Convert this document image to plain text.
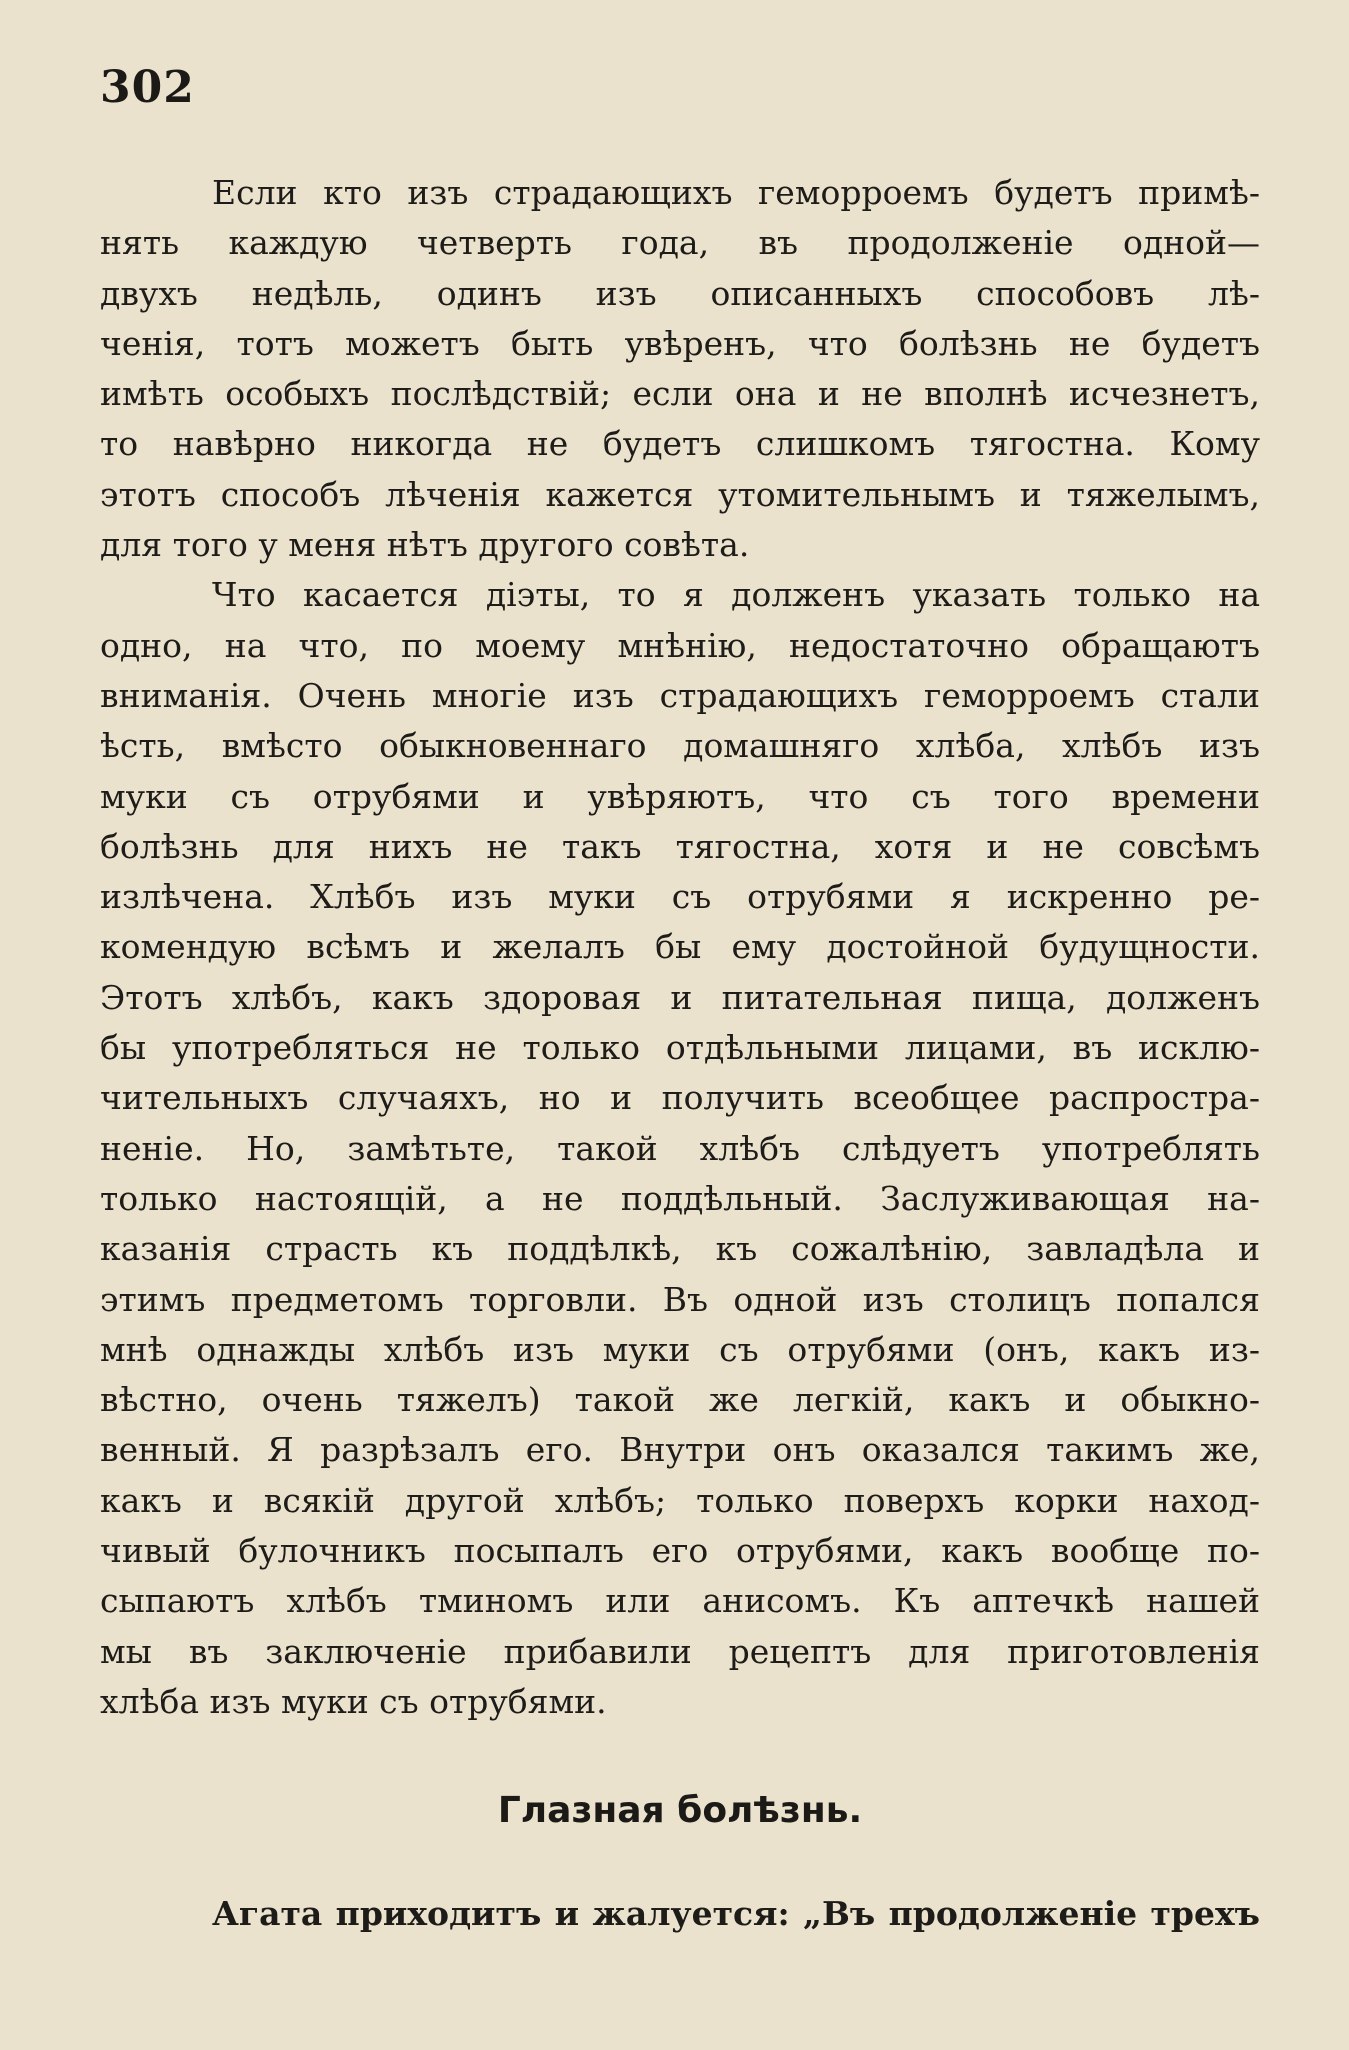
302
Если кто изъ страдающихъ геморроемъ будетъ примѣ-
нять каждую четверть года, въ продолженіе одной—
двухъ недѣль, одинъ изъ описанныхъ способовъ лѣ-
ченія, тотъ можетъ быть увѣренъ, что болѣзнь не будетъ
имѣть особыхъ послѣдствій; если она и не вполнѣ исчезнетъ,
то навѣрно никогда не будетъ слишкомъ тягостна. Кому
этотъ способъ лѣченія кажется утомительнымъ и тяжелымъ,
для того у меня нѣтъ другого совѣта.
Что касается діэты, то я долженъ указать только на
одно, на что, по моему мнѣнію, недостаточно обращаютъ
вниманія. Очень многіе изъ страдающихъ геморроемъ стали
ѣсть, вмѣсто обыкновеннаго домашняго хлѣба, хлѣбъ изъ
муки съ отрубями и увѣряютъ, что съ того времени
болѣзнь для нихъ не такъ тягостна, хотя и не совсѣмъ
излѣчена. Хлѣбъ изъ муки съ отрубями я искренно ре-
комендую всѣмъ и желалъ бы ему достойной будущности.
Этотъ хлѣбъ, какъ здоровая и питательная пища, долженъ
бы употребляться не только отдѣльными лицами, въ исклю-
чительныхъ случаяхъ, но и получить всеобщее распростра-
неніе. Но, замѣтьте, такой хлѣбъ слѣдуетъ употреблять
только настоящій, а не поддѣльный. Заслуживающая на-
казанія страсть къ поддѣлкѣ, къ сожалѣнію, завладѣла и
этимъ предметомъ торговли. Въ одной изъ столицъ попался
мнѣ однажды хлѣбъ изъ муки съ отрубями (онъ, какъ из-
вѣстно, очень тяжелъ) такой же легкій, какъ и обыкно-
венный. Я разрѣзалъ его. Внутри онъ оказался такимъ же,
какъ и всякій другой хлѣбъ; только поверхъ корки наход-
чивый булочникъ посыпалъ его отрубями, какъ вообще по-
сыпаютъ хлѣбъ тминомъ или анисомъ. Къ аптечкѣ нашей
мы въ заключеніе прибавили рецептъ для приготовленія
хлѣба изъ муки съ отрубями.
Глазная болѣзнь.
Агата приходитъ и жалуется: „Въ продолженіе трехъ
